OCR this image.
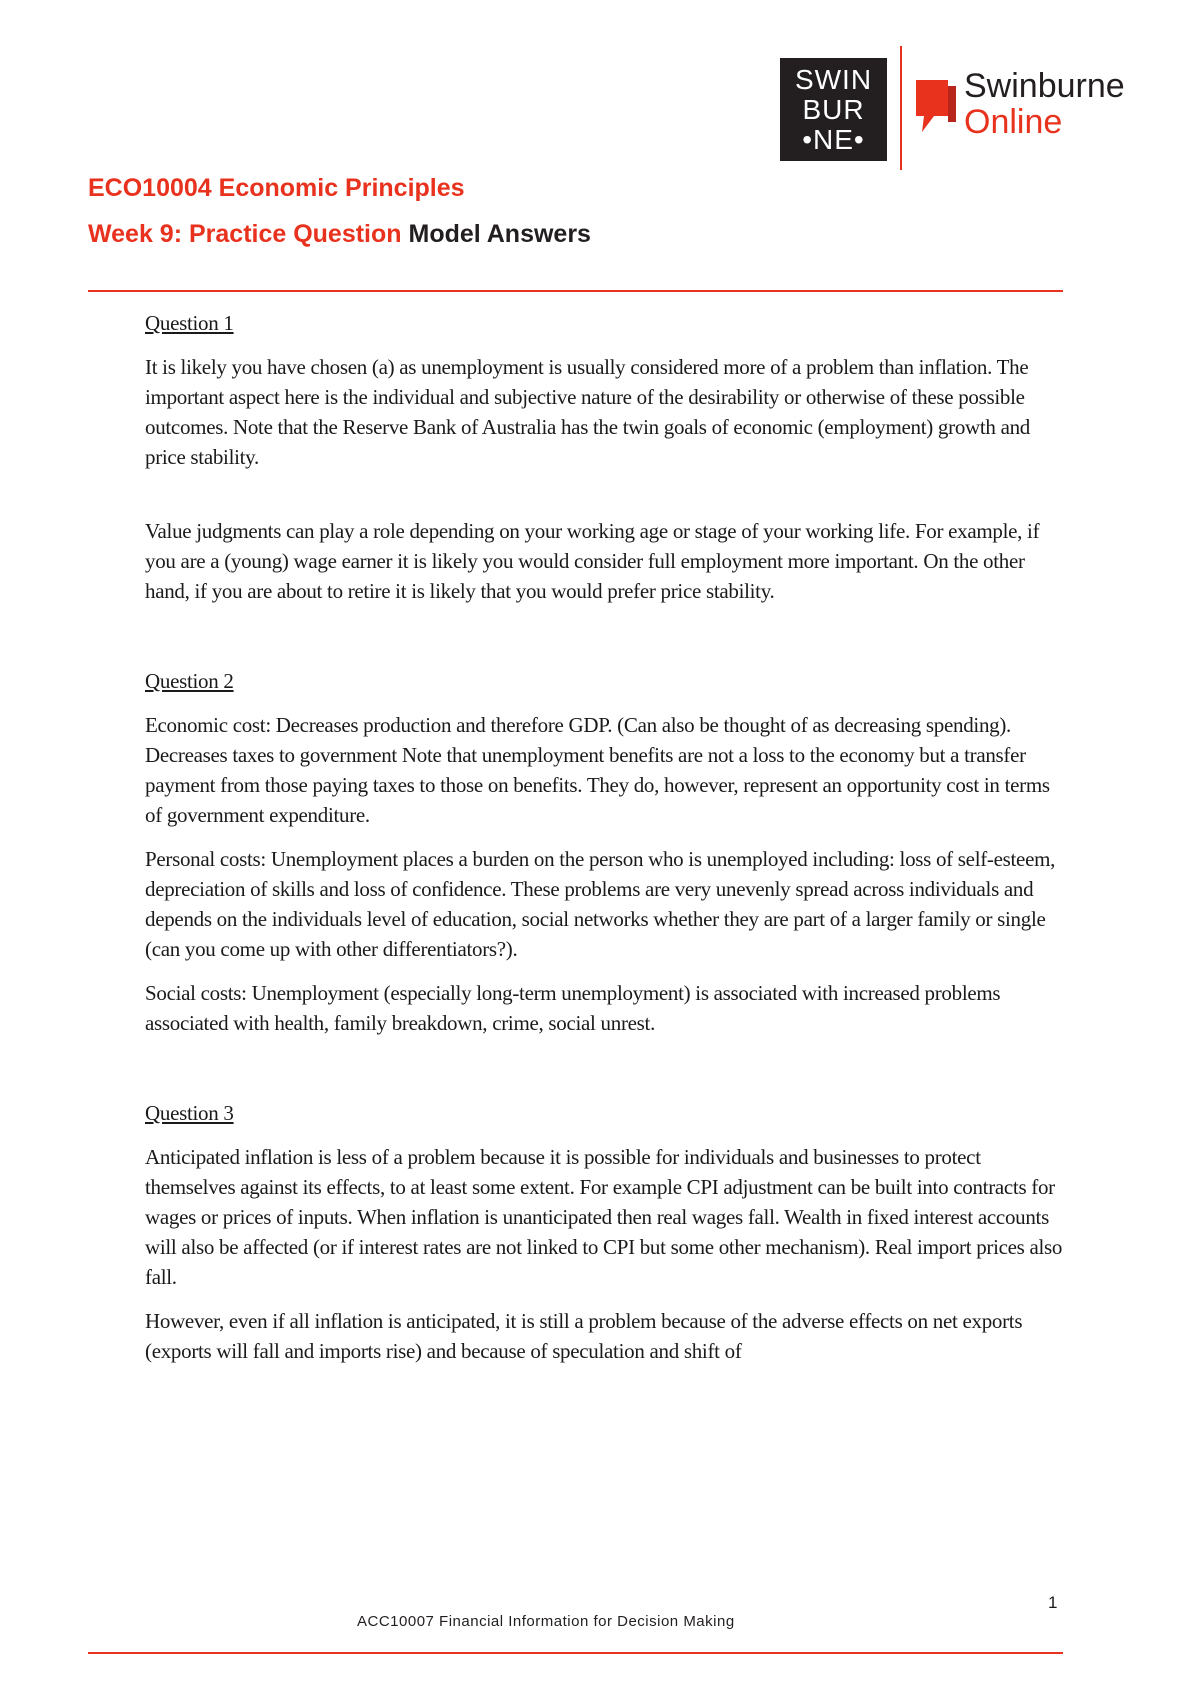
SWIN
BUR
•NE•
Swinburne
Online
ECO10004 Economic Principles
Week 9: Practice Question Model Answers

Question 1

It is likely you have chosen (a) as unemployment is usually considered more of a problem than inflation. The important aspect here is the individual and subjective nature of the desirability or otherwise of these possible outcomes. Note that the Reserve Bank of Australia has the twin goals of economic (employment) growth and price stability.

Value judgments can play a role depending on your working age or stage of your working life. For example, if you are a (young) wage earner it is likely you would consider full employment more important. On the other hand, if you are about to retire it is likely that you would prefer price stability.

Question 2

Economic cost: Decreases production and therefore GDP. (Can also be thought of as decreasing spending). Decreases taxes to government Note that unemployment benefits are not a loss to the economy but a transfer payment from those paying taxes to those on benefits. They do, however, represent an opportunity cost in terms of government expenditure.

Personal costs: Unemployment places a burden on the person who is unemployed including: loss of self-esteem, depreciation of skills and loss of confidence. These problems are very unevenly spread across individuals and depends on the individuals level of education, social networks whether they are part of a larger family or single (can you come up with other differentiators?).

Social costs: Unemployment (especially long-term unemployment) is associated with increased problems associated with health, family breakdown, crime, social unrest.

Question 3

Anticipated inflation is less of a problem because it is possible for individuals and businesses to protect themselves against its effects, to at least some extent. For example CPI adjustment can be built into contracts for wages or prices of inputs. When inflation is unanticipated then real wages fall. Wealth in fixed interest accounts will also be affected (or if interest rates are not linked to CPI but some other mechanism). Real import prices also fall.

However, even if all inflation is anticipated, it is still a problem because of the adverse effects on net exports (exports will fall and imports rise) and because of speculation and shift of

1
ACC10007 Financial Information for Decision Making
